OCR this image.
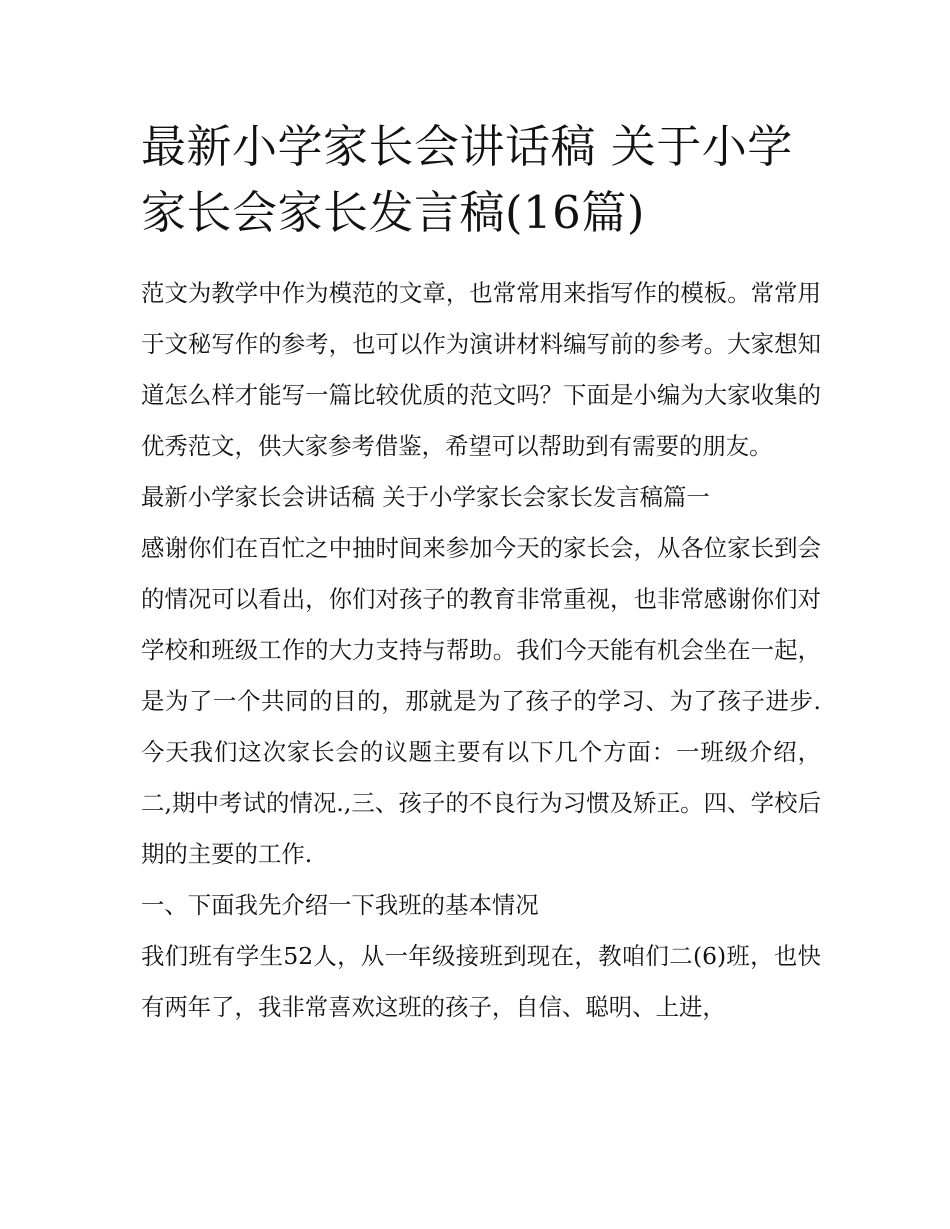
最新小学家长会讲话稿 关于小学家长会家长发言稿(16篇)

范文为教学中作为模范的文章，也常常用来指写作的模板。常常用于文秘写作的参考，也可以作为演讲材料编写前的参考。大家想知道怎么样才能写一篇比较优质的范文吗？下面是小编为大家收集的优秀范文，供大家参考借鉴，希望可以帮助到有需要的朋友。

最新小学家长会讲话稿 关于小学家长会家长发言稿篇一

感谢你们在百忙之中抽时间来参加今天的家长会，从各位家长到会的情况可以看出，你们对孩子的教育非常重视，也非常感谢你们对学校和班级工作的大力支持与帮助。我们今天能有机会坐在一起，是为了一个共同的目的，那就是为了孩子的学习、为了孩子进步.今天我们这次家长会的议题主要有以下几个方面：一班级介绍，二,期中考试的情况.,三、孩子的不良行为习惯及矫正。四、学校后期的主要的工作.

一、下面我先介绍一下我班的基本情况

我们班有学生52人，从一年级接班到现在，教咱们二(6)班，也快有两年了，我非常喜欢这班的孩子，自信、聪明、上进，
